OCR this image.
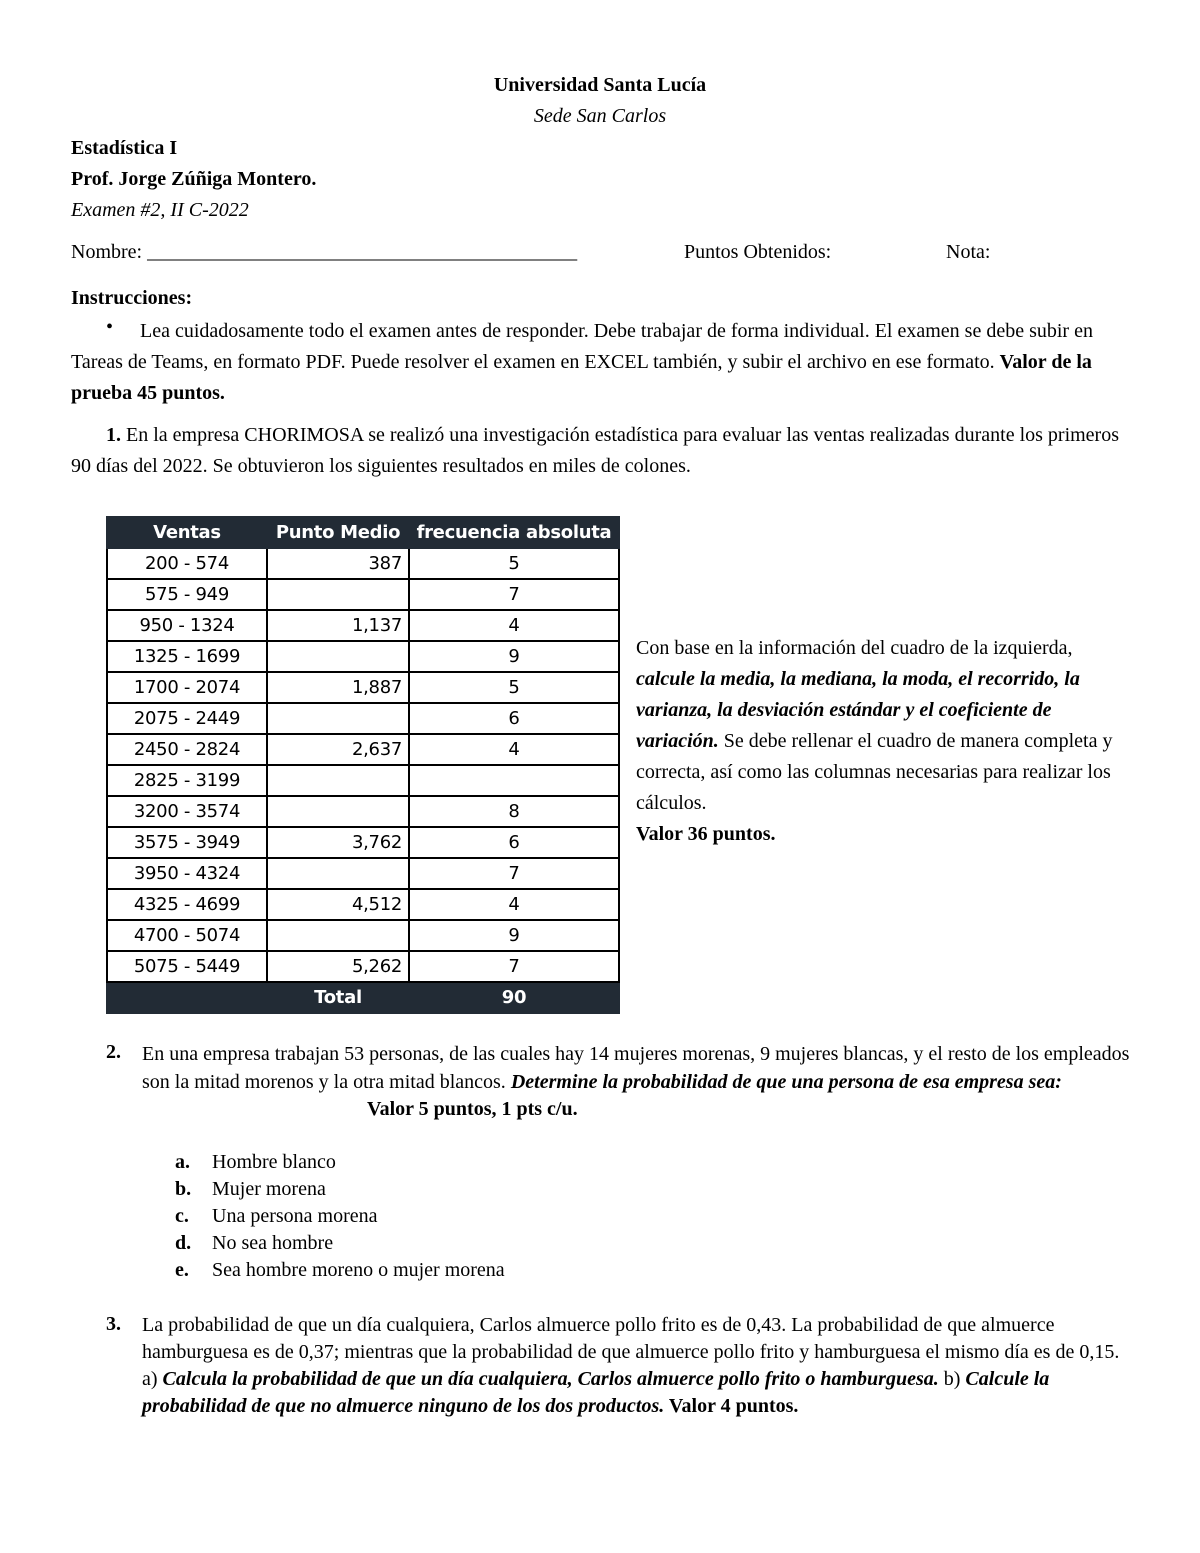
Universidad Santa Lucía
Sede San Carlos
Estadística I
Prof. Jorge Zúñiga Montero.
Examen #2, II C-2022
Nombre: ___________________________________________	Puntos Obtenidos:	Nota:
Instrucciones:
•	Lea cuidadosamente todo el examen antes de responder. Debe trabajar de forma individual. El examen se debe subir en Tareas de Teams, en formato PDF. Puede resolver el examen en EXCEL también, y subir el archivo en ese formato. Valor de la prueba 45 puntos.
1. En la empresa CHORIMOSA se realizó una investigación estadística para evaluar las ventas realizadas durante los primeros 90 días del 2022. Se obtuvieron los siguientes resultados en miles de colones.
Ventas	Punto Medio	frecuencia absoluta
200 - 574	387	5
575 - 949		7
950 - 1324	1,137	4
1325 - 1699		9
1700 - 2074	1,887	5
2075 - 2449		6
2450 - 2824	2,637	4
2825 - 3199		
3200 - 3574		8
3575 - 3949	3,762	6
3950 - 4324		7
4325 - 4699	4,512	4
4700 - 5074		9
5075 - 5449	5,262	7
	Total	90
Con base en la información del cuadro de la izquierda, calcule la media, la mediana, la moda, el recorrido, la varianza, la desviación estándar y el coeficiente de variación. Se debe rellenar el cuadro de manera completa y correcta, así como las columnas necesarias para realizar los cálculos.
Valor 36 puntos.
2. En una empresa trabajan 53 personas, de las cuales hay 14 mujeres morenas, 9 mujeres blancas, y el resto de los empleados son la mitad morenos y la otra mitad blancos. Determine la probabilidad de que una persona de esa empresa sea:Valor 5 puntos, 1 pts c/u.
a. Hombre blanco
b. Mujer morena
c. Una persona morena
d. No sea hombre
e. Sea hombre moreno o mujer morena
3. La probabilidad de que un día cualquiera, Carlos almuerce pollo frito es de 0,43. La probabilidad de que almuerce hamburguesa es de 0,37; mientras que la probabilidad de que almuerce pollo frito y hamburguesa el mismo día es de 0,15. a) Calcula la probabilidad de que un día cualquiera, Carlos almuerce pollo frito o hamburguesa. b) Calcule la probabilidad de que no almuerce ninguno de los dos productos. Valor 4 puntos.
